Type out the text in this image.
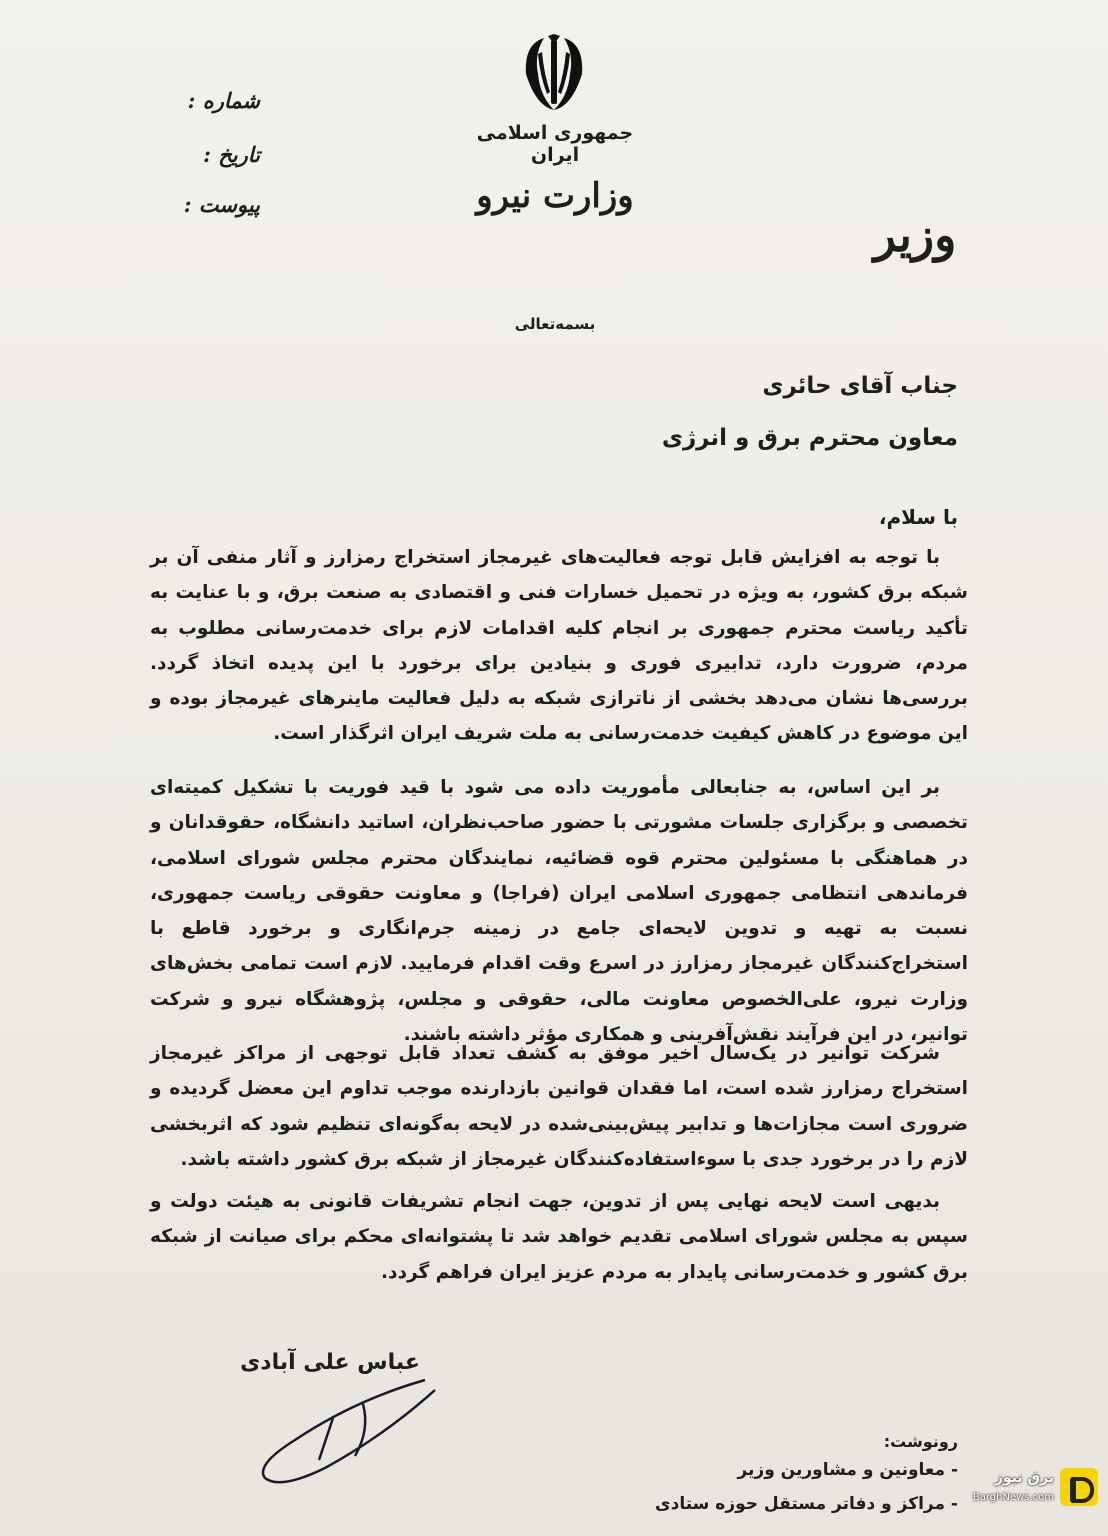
جمهوری اسلامی ایران
وزارت نیرو
وزیر
شماره :
تاریخ :
پیوست :
بسمه‌تعالی
جناب آقای حائری
معاون محترم برق و انرژی
با سلام،

با توجه به افزایش قابل توجه فعالیت‌های غیرمجاز استخراج رمزارز و آثار منفی آن بر شبکه برق کشور، به ویژه در تحمیل خسارات فنی و اقتصادی به صنعت برق، و با عنایت به تأکید ریاست محترم جمهوری بر انجام کلیه اقدامات لازم برای خدمت‌رسانی مطلوب به مردم، ضرورت دارد، تدابیری فوری و بنیادین برای برخورد با این پدیده اتخاذ گردد. بررسی‌ها نشان می‌دهد بخشی از ناترازی شبکه به دلیل فعالیت ماینرهای غیرمجاز بوده و این موضوع در کاهش کیفیت خدمت‌رسانی به ملت شریف ایران اثرگذار است.

بر این اساس، به جنابعالی مأموریت داده می شود با قید فوریت با تشکیل کمیته‌ای تخصصی و برگزاری جلسات مشورتی با حضور صاحب‌نظران، اساتید دانشگاه، حقوقدانان و در هماهنگی با مسئولین محترم قوه قضائیه، نمایندگان محترم مجلس شورای اسلامی، فرماندهی انتظامی جمهوری اسلامی ایران (فراجا) و معاونت حقوقی ریاست جمهوری، نسبت به تهیه و تدوین لایحه‌ای جامع در زمینه جرم‌انگاری و برخورد قاطع با استخراج‌کنندگان غیرمجاز رمزارز در اسرع وقت اقدام فرمایید. لازم است تمامی بخش‌های وزارت نیرو، علی‌الخصوص معاونت مالی، حقوقی و مجلس، پژوهشگاه نیرو و شرکت توانیر، در این فرآیند نقش‌آفرینی و همکاری مؤثر داشته باشند.

شرکت توانیر در یک‌سال اخیر موفق به کشف تعداد قابل توجهی از مراکز غیرمجاز استخراج رمزارز شده است، اما فقدان قوانین بازدارنده موجب تداوم این معضل گردیده و ضروری است مجازات‌ها و تدابیر پیش‌بینی‌شده در لایحه به‌گونه‌ای تنظیم شود که اثربخشی لازم را در برخورد جدی با سوءاستفاده‌کنندگان غیرمجاز از شبکه برق کشور داشته باشد.

بدیهی است لایحه نهایی پس از تدوین، جهت انجام تشریفات قانونی به هیئت دولت و سپس به مجلس شورای اسلامی تقدیم خواهد شد تا پشتوانه‌ای محکم برای صیانت از شبکه برق کشور و خدمت‌رسانی پایدار به مردم عزیز ایران فراهم گردد.

عباس علی آبادی
رونوشت:
- معاونین و مشاورین وزیر
- مراکز و دفاتر مستقل حوزه ستادی
برق نیوز
BarghNews.com
